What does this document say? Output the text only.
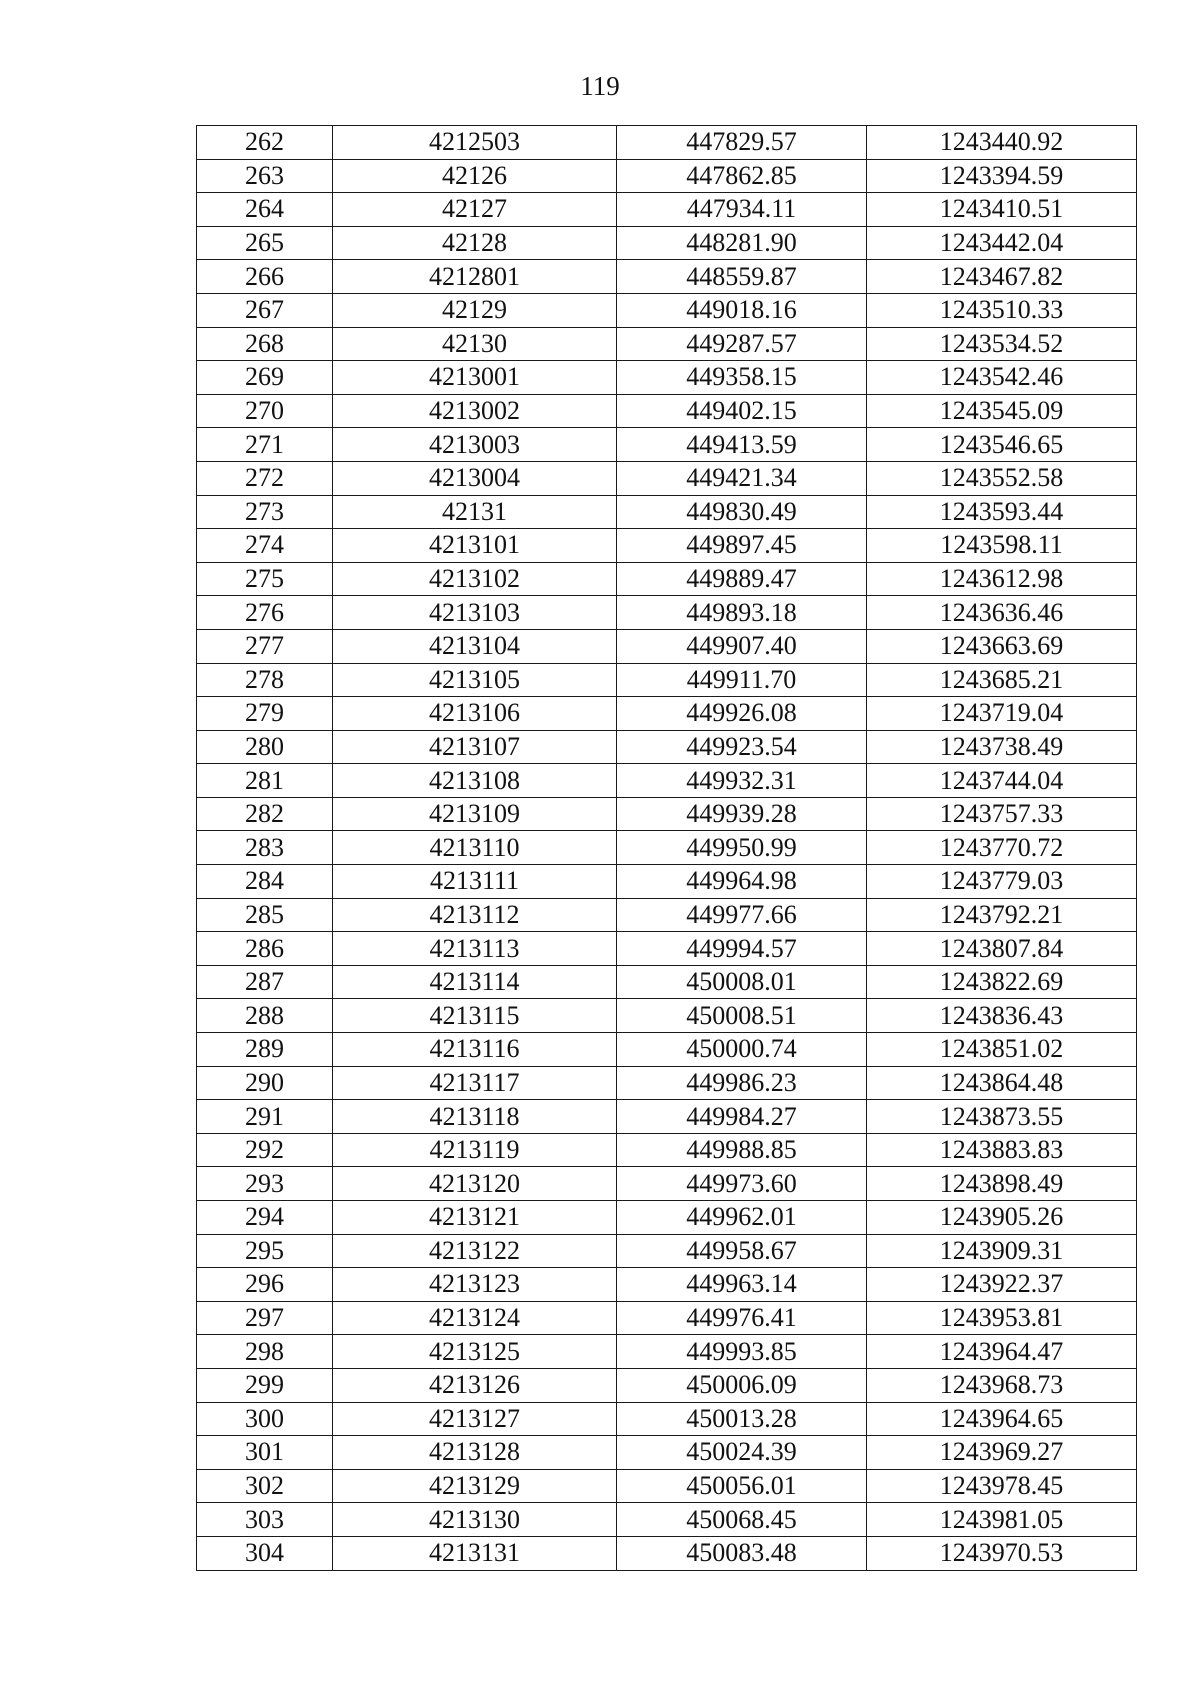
119
262	4212503	447829.57	1243440.92
263	42126	447862.85	1243394.59
264	42127	447934.11	1243410.51
265	42128	448281.90	1243442.04
266	4212801	448559.87	1243467.82
267	42129	449018.16	1243510.33
268	42130	449287.57	1243534.52
269	4213001	449358.15	1243542.46
270	4213002	449402.15	1243545.09
271	4213003	449413.59	1243546.65
272	4213004	449421.34	1243552.58
273	42131	449830.49	1243593.44
274	4213101	449897.45	1243598.11
275	4213102	449889.47	1243612.98
276	4213103	449893.18	1243636.46
277	4213104	449907.40	1243663.69
278	4213105	449911.70	1243685.21
279	4213106	449926.08	1243719.04
280	4213107	449923.54	1243738.49
281	4213108	449932.31	1243744.04
282	4213109	449939.28	1243757.33
283	4213110	449950.99	1243770.72
284	4213111	449964.98	1243779.03
285	4213112	449977.66	1243792.21
286	4213113	449994.57	1243807.84
287	4213114	450008.01	1243822.69
288	4213115	450008.51	1243836.43
289	4213116	450000.74	1243851.02
290	4213117	449986.23	1243864.48
291	4213118	449984.27	1243873.55
292	4213119	449988.85	1243883.83
293	4213120	449973.60	1243898.49
294	4213121	449962.01	1243905.26
295	4213122	449958.67	1243909.31
296	4213123	449963.14	1243922.37
297	4213124	449976.41	1243953.81
298	4213125	449993.85	1243964.47
299	4213126	450006.09	1243968.73
300	4213127	450013.28	1243964.65
301	4213128	450024.39	1243969.27
302	4213129	450056.01	1243978.45
303	4213130	450068.45	1243981.05
304	4213131	450083.48	1243970.53
